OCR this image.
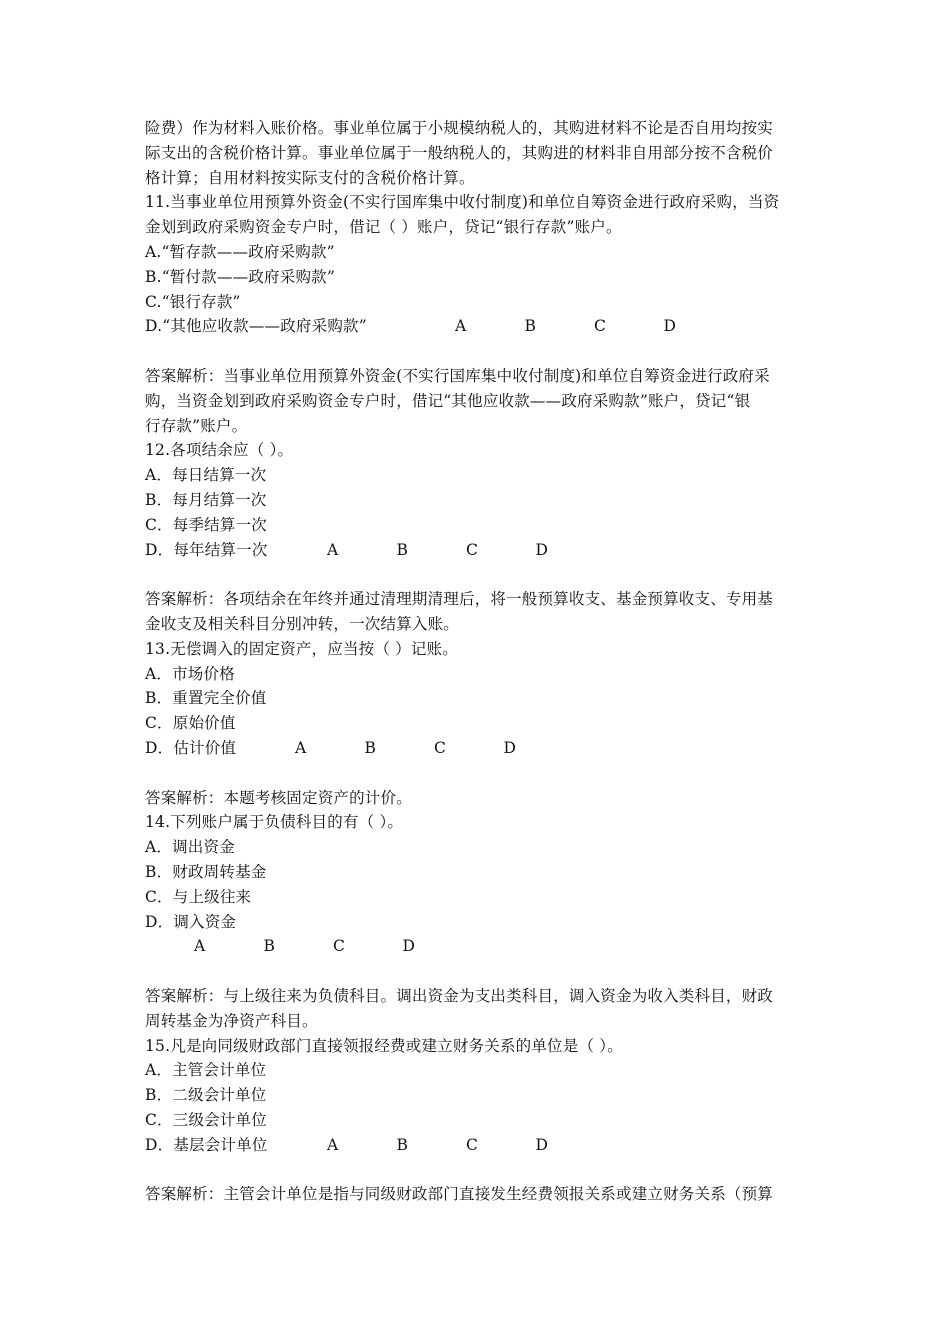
险费）作为材料入账价格。事业单位属于小规模纳税人的，其购进材料不论是否自用均按实
际支出的含税价格计算。事业单位属于一般纳税人的，其购进的材料非自用部分按不含税价
格计算；自用材料按实际支付的含税价格计算。
11.当事业单位用预算外资金(不实行国库集中收付制度)和单位自筹资金进行政府采购，当资
金划到政府采购资金专户时，借记（ ）账户，贷记“银行存款”账户。
A.“暂存款——政府采购款”
B.“暂付款——政府采购款”
C.“银行存款”
D.“其他应收款——政府采购款”	A	B	C	D
答案解析：当事业单位用预算外资金(不实行国库集中收付制度)和单位自筹资金进行政府采
购，当资金划到政府采购资金专户时，借记“其他应收款——政府采购款”账户，贷记“银
行存款”账户。
12.各项结余应（ ）。
A．每日结算一次
B．每月结算一次
C．每季结算一次
D．每年结算一次	A	B	C	D
答案解析：各项结余在年终并通过清理期清理后，将一般预算收支、基金预算收支、专用基
金收支及相关科目分别冲转，一次结算入账。
13.无偿调入的固定资产，应当按（ ）记账。
A．市场价格
B．重置完全价值
C．原始价值
D．估计价值	A	B	C	D
答案解析：本题考核固定资产的计价。
14.下列账户属于负债科目的有（ ）。
A．调出资金
B．财政周转基金
C．与上级往来
D．调入资金
A	B	C	D
答案解析：与上级往来为负债科目。调出资金为支出类科目，调入资金为收入类科目，财政
周转基金为净资产科目。
15.凡是向同级财政部门直接领报经费或建立财务关系的单位是（ ）。
A．主管会计单位
B．二级会计单位
C．三级会计单位
D．基层会计单位	A	B	C	D
答案解析：主管会计单位是指与同级财政部门直接发生经费领报关系或建立财务关系（预算
